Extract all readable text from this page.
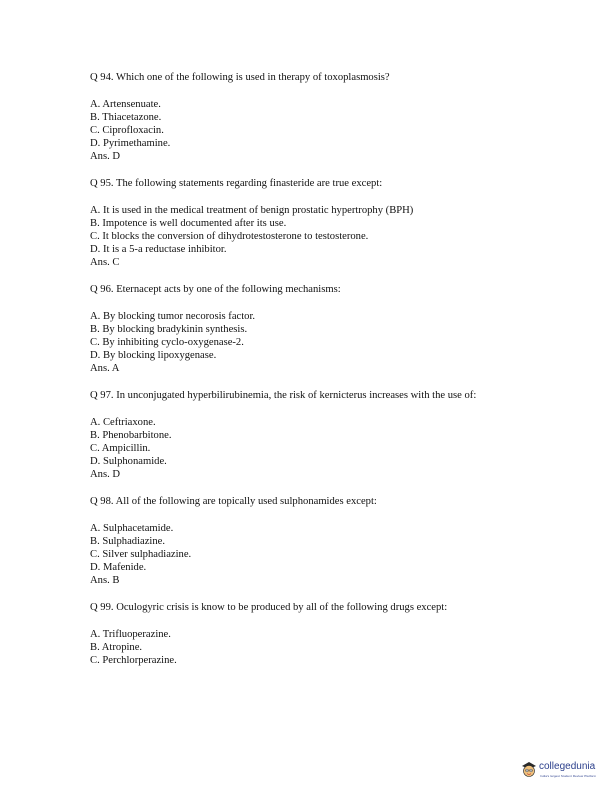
Q 94. Which one of the following is used in therapy of toxoplasmosis?

A. Artensenuate.

B. Thiacetazone.

C. Ciprofloxacin.

D. Pyrimethamine.

Ans. D

Q 95. The following statements regarding finasteride are true except:

A. It is used in the medical treatment of benign prostatic hypertrophy (BPH)

B. Impotence is well documented after its use.

C. It blocks the conversion of dihydrotestosterone to testosterone.

D. It is a 5-a reductase inhibitor.

Ans. C

Q 96. Eternacept acts by one of the following mechanisms:

A. By blocking tumor necorosis factor.

B. By blocking bradykinin synthesis.

C. By inhibiting cyclo-oxygenase-2.

D. By blocking lipoxygenase.

Ans. A

Q 97. In unconjugated hyperbilirubinemia, the risk of kernicterus increases with the use of:

A. Ceftriaxone.

B. Phenobarbitone.

C. Ampicillin.

D. Sulphonamide.

Ans. D

Q 98. All of the following are topically used sulphonamides except:

A. Sulphacetamide.

B. Sulphadiazine.

C. Silver sulphadiazine.

D. Mafenide.

Ans. B

Q 99. Oculogyric crisis is know to be produced by all of the following drugs except:

A. Trifluoperazine.

B. Atropine.

C. Perchlorperazine.

collegedunia
India's largest Student Review Platform
